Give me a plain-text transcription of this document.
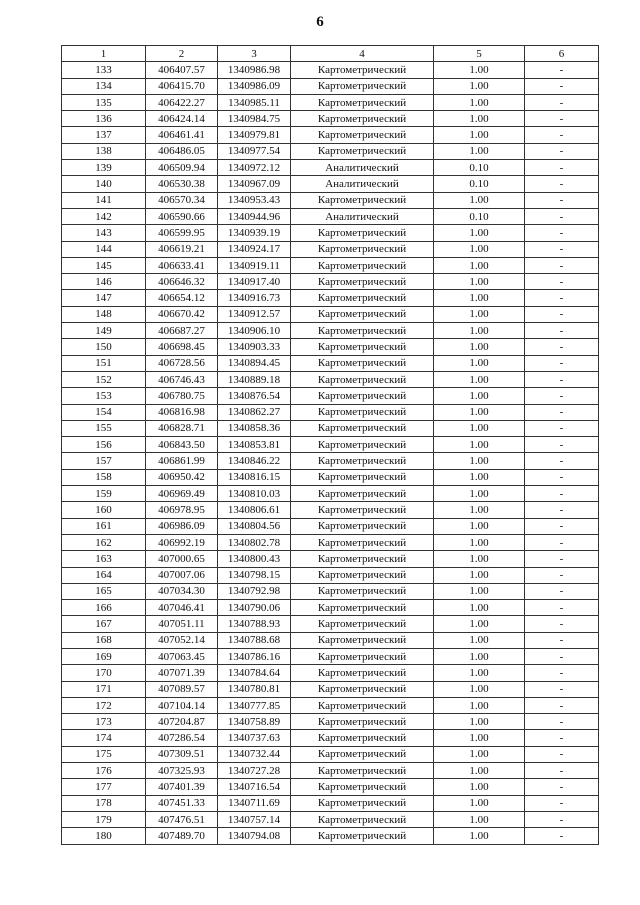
6
1	2	3	4	5	6
133	406407.57	1340986.98	Картометрический	1.00	-
134	406415.70	1340986.09	Картометрический	1.00	-
135	406422.27	1340985.11	Картометрический	1.00	-
136	406424.14	1340984.75	Картометрический	1.00	-
137	406461.41	1340979.81	Картометрический	1.00	-
138	406486.05	1340977.54	Картометрический	1.00	-
139	406509.94	1340972.12	Аналитический	0.10	-
140	406530.38	1340967.09	Аналитический	0.10	-
141	406570.34	1340953.43	Картометрический	1.00	-
142	406590.66	1340944.96	Аналитический	0.10	-
143	406599.95	1340939.19	Картометрический	1.00	-
144	406619.21	1340924.17	Картометрический	1.00	-
145	406633.41	1340919.11	Картометрический	1.00	-
146	406646.32	1340917.40	Картометрический	1.00	-
147	406654.12	1340916.73	Картометрический	1.00	-
148	406670.42	1340912.57	Картометрический	1.00	-
149	406687.27	1340906.10	Картометрический	1.00	-
150	406698.45	1340903.33	Картометрический	1.00	-
151	406728.56	1340894.45	Картометрический	1.00	-
152	406746.43	1340889.18	Картометрический	1.00	-
153	406780.75	1340876.54	Картометрический	1.00	-
154	406816.98	1340862.27	Картометрический	1.00	-
155	406828.71	1340858.36	Картометрический	1.00	-
156	406843.50	1340853.81	Картометрический	1.00	-
157	406861.99	1340846.22	Картометрический	1.00	-
158	406950.42	1340816.15	Картометрический	1.00	-
159	406969.49	1340810.03	Картометрический	1.00	-
160	406978.95	1340806.61	Картометрический	1.00	-
161	406986.09	1340804.56	Картометрический	1.00	-
162	406992.19	1340802.78	Картометрический	1.00	-
163	407000.65	1340800.43	Картометрический	1.00	-
164	407007.06	1340798.15	Картометрический	1.00	-
165	407034.30	1340792.98	Картометрический	1.00	-
166	407046.41	1340790.06	Картометрический	1.00	-
167	407051.11	1340788.93	Картометрический	1.00	-
168	407052.14	1340788.68	Картометрический	1.00	-
169	407063.45	1340786.16	Картометрический	1.00	-
170	407071.39	1340784.64	Картометрический	1.00	-
171	407089.57	1340780.81	Картометрический	1.00	-
172	407104.14	1340777.85	Картометрический	1.00	-
173	407204.87	1340758.89	Картометрический	1.00	-
174	407286.54	1340737.63	Картометрический	1.00	-
175	407309.51	1340732.44	Картометрический	1.00	-
176	407325.93	1340727.28	Картометрический	1.00	-
177	407401.39	1340716.54	Картометрический	1.00	-
178	407451.33	1340711.69	Картометрический	1.00	-
179	407476.51	1340757.14	Картометрический	1.00	-
180	407489.70	1340794.08	Картометрический	1.00	-
